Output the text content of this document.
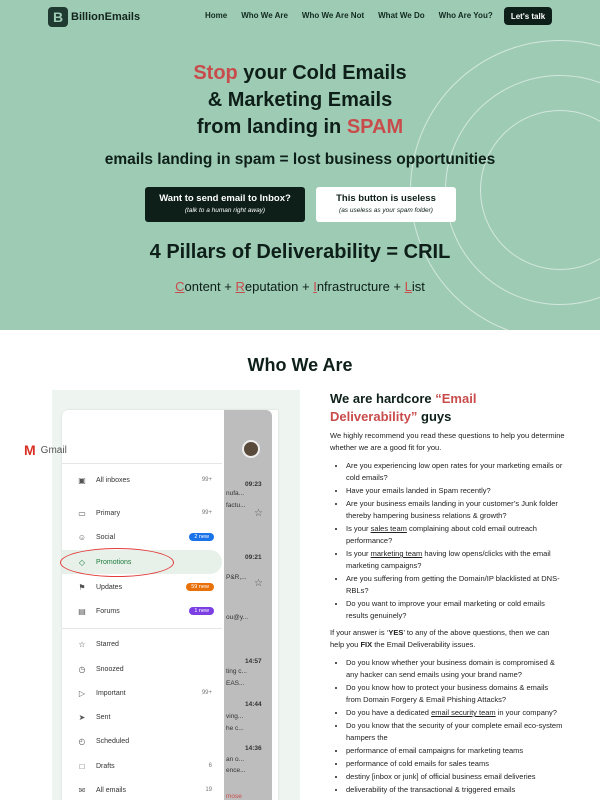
B BillionEmails	Home Who We Are Who We Are Not What We Do Who Are You?	Let's talk
Stop your Cold Emails
& Marketing Emails
from landing in SPAM
emails landing in spam = lost business opportunities
Want to send email to Inbox?
(talk to a human right away)
This button is useless
(as useless as your spam folder)
4 Pillars of Deliverability = CRIL
Content + Reputation + Infrastructure + List
Who We Are
M Gmail
▣	All inboxes	99+
▭	Primary	99+
☺	Social	2 new
◇	Promotions
⚑	Updates	59 new
▤	Forums	1 new
☆	Starred
◷	Snoozed
▷	Important	99+
➤	Sent
◴	Scheduled
□	Drafts	6
✉	All emails	19
09:23
09:21
14:57
14:44
14:36
nufa...
factu...
P&R,...
ou@y...
ting c...
EAS...
ving...
he c...
an o...
ence...
mose
☆
☆
We are hardcore “Email Deliverability” guys
We highly recommend you read these questions to help you determine whether we are a good fit for you.
• Are you experiencing low open rates for your marketing emails or cold emails?
• Have your emails landed in Spam recently?
• Are your business emails landing in your customer’s Junk folder thereby hampering business relations & growth?
• Is your sales team complaining about cold email outreach performance?
• Is your marketing team having low opens/clicks with the email marketing campaigns?
• Are you suffering from getting the Domain/IP blacklisted at DNS-RBLs?
• Do you want to improve your email marketing or cold emails results genuinely?
If your answer is ‘YES’ to any of the above questions, then we can help you FIX the Email Deliverability issues.
• Do you know whether your business domain is compromised & any hacker can send emails using your brand name?
• Do you know how to protect your business domains & emails from Domain Forgery & Email Phishing Attacks?
• Do you have a dedicated email security team in your company?
• Do you know that the security of your complete email eco-system hampers the
• performance of email campaigns for marketing teams
• performance of cold emails for sales teams
• destiny [inbox or junk] of official business email deliveries
• deliverability of the transactional & triggered emails
